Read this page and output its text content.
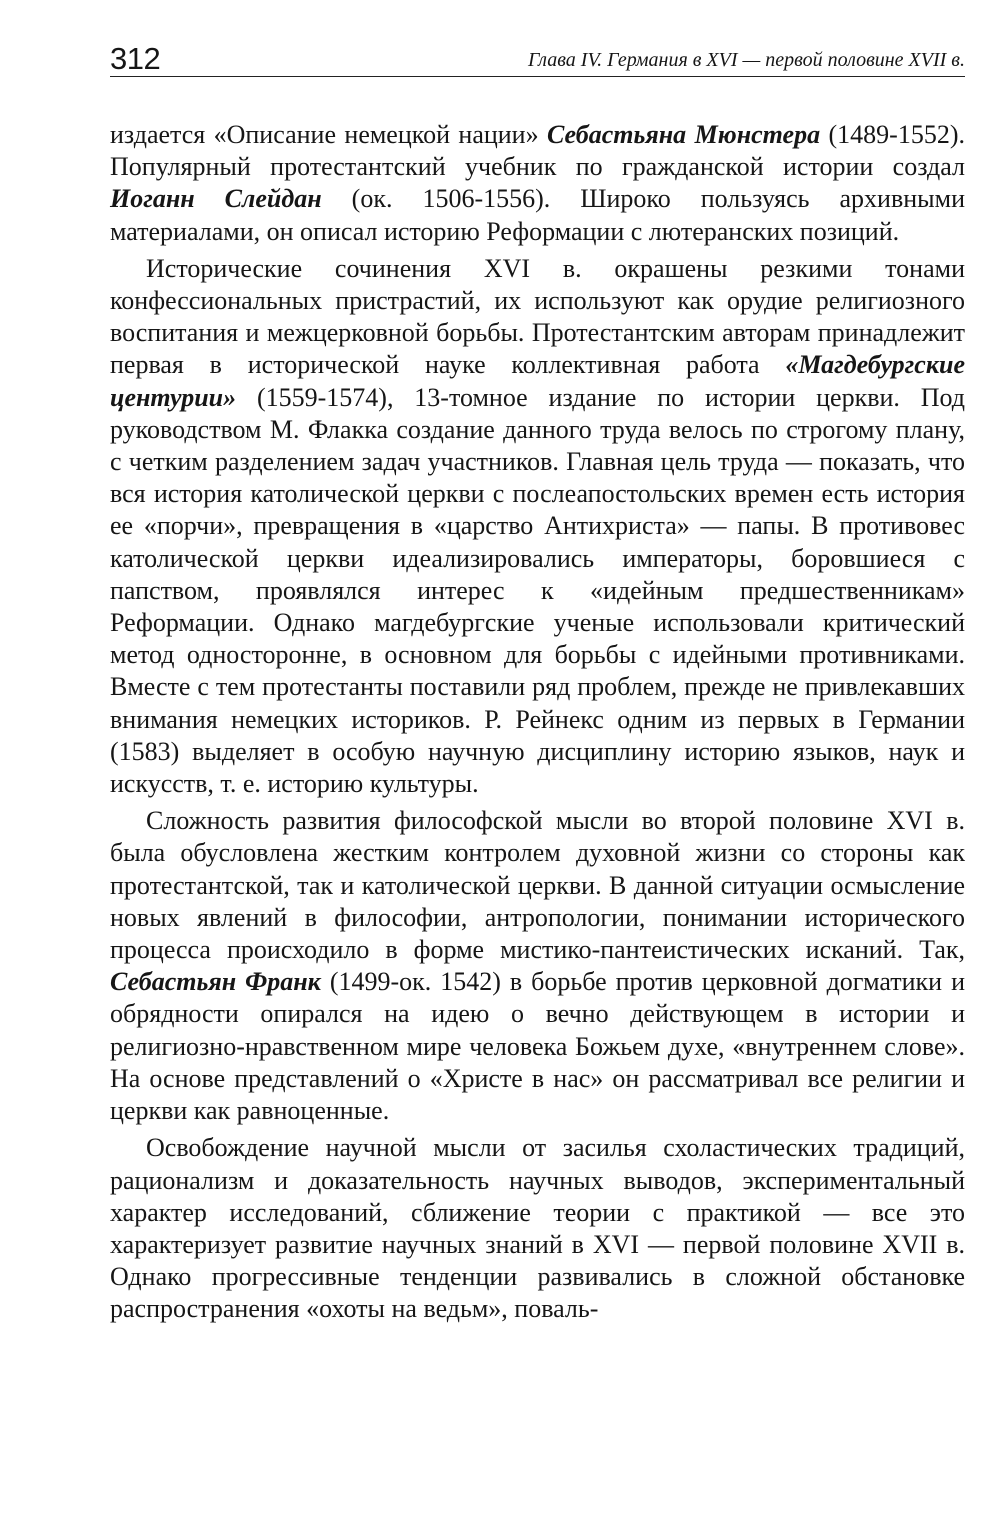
312	Глава IV. Германия в XVI — первой половине XVII в.

издается «Описание немецкой нации» Себастьяна Мюнстера (1489-1552). Популярный протестантский учебник по гражданской истории создал Иоганн Слейдан (ок. 1506-1556). Широко пользуясь архивными материалами, он описал историю Реформации с лютеранских позиций.

Исторические сочинения XVI в. окрашены резкими тонами конфессиональных пристрастий, их используют как орудие религиозного воспитания и межцерковной борьбы. Протестантским авторам принадлежит первая в исторической науке коллективная работа «Магдебургские центурии» (1559-1574), 13-томное издание по истории церкви. Под руководством М. Флакка создание данного труда велось по строгому плану, с четким разделением задач участников. Главная цель труда — показать, что вся история католической церкви с послеапостольских времен есть история ее «порчи», превращения в «царство Антихриста» — папы. В противовес католической церкви идеализировались императоры, боровшиеся с папством, проявлялся интерес к «идейным предшественникам» Реформации. Однако магдебургские ученые использовали критический метод односторонне, в основном для борьбы с идейными противниками. Вместе с тем протестанты поставили ряд проблем, прежде не привлекавших внимания немецких историков. Р. Рейнекс одним из первых в Германии (1583) выделяет в особую научную дисциплину историю языков, наук и искусств, т. е. историю культуры.

Сложность развития философской мысли во второй половине XVI в. была обусловлена жестким контролем духовной жизни со стороны как протестантской, так и католической церкви. В данной ситуации осмысление новых явлений в философии, антропологии, понимании исторического процесса происходило в форме мистико-пантеистических исканий. Так, Себастьян Франк (1499-ок. 1542) в борьбе против церковной догматики и обрядности опирался на идею о вечно действующем в истории и религиозно-нравственном мире человека Божьем духе, «внутреннем слове». На основе представлений о «Христе в нас» он рассматривал все религии и церкви как равноценные.

Освобождение научной мысли от засилья схоластических традиций, рационализм и доказательность научных выводов, экспериментальный характер исследований, сближение теории с практикой — все это характеризует развитие научных знаний в XVI — первой половине XVII в. Однако прогрессивные тенденции развивались в сложной обстановке распространения «охоты на ведьм», поваль-
